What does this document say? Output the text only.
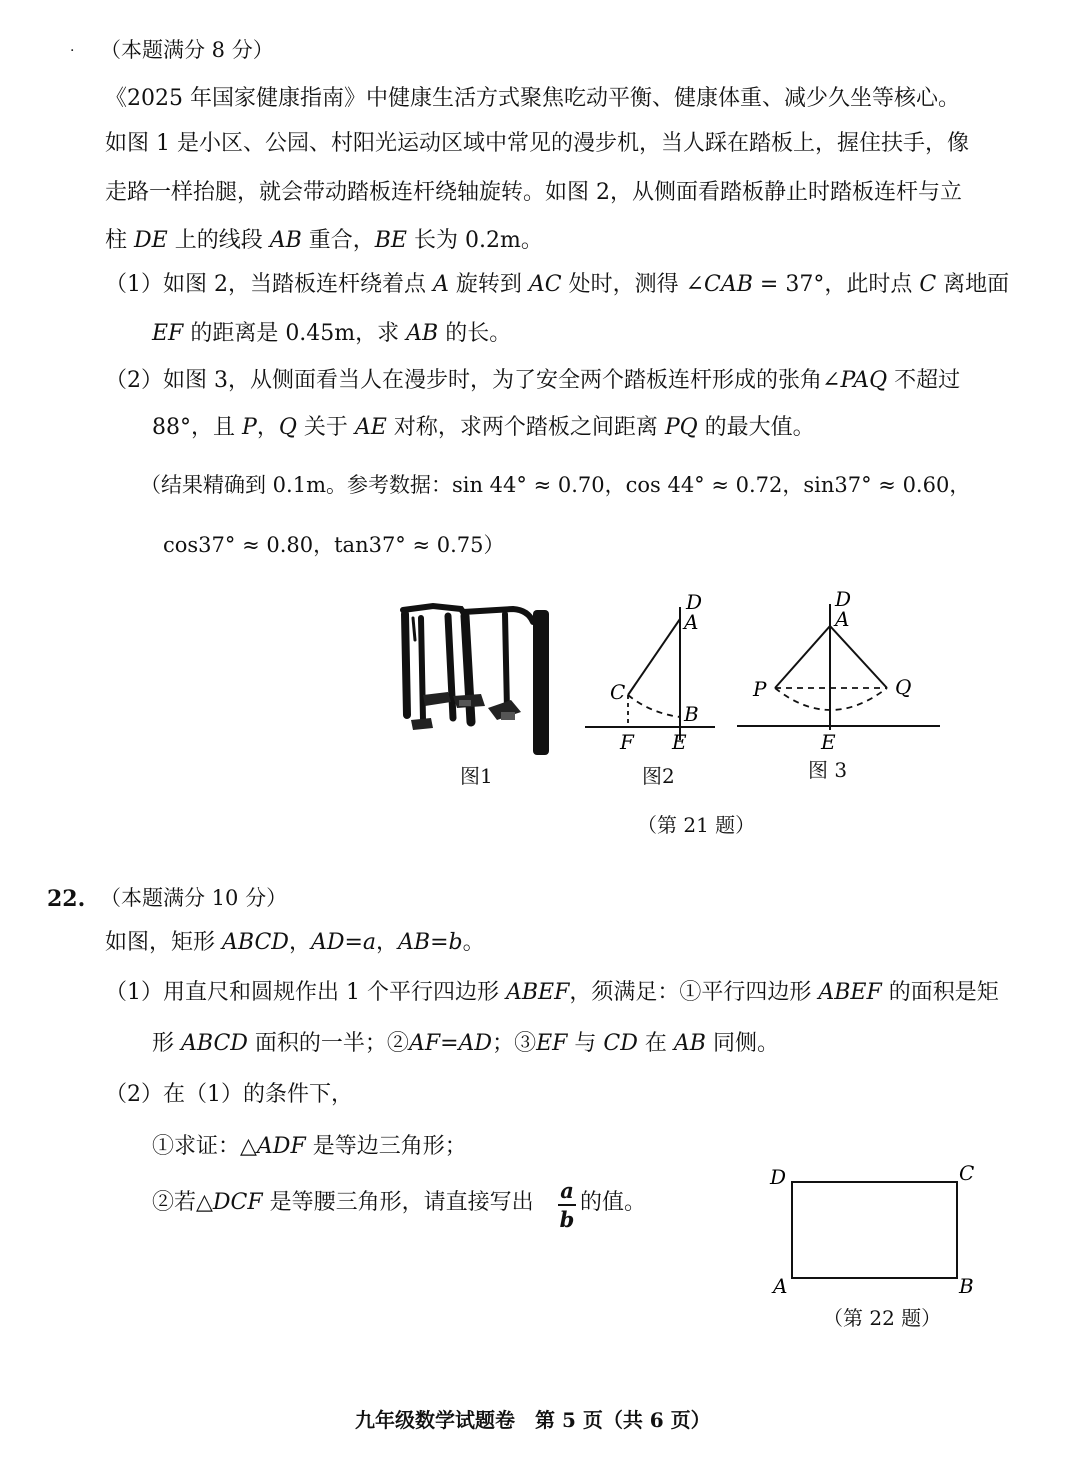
· （本题满分 8 分）
《2025 年国家健康指南》中健康生活方式聚焦吃动平衡、健康体重、减少久坐等核心。
如图 1 是小区、公园、村阳光运动区域中常见的漫步机，当人踩在踏板上，握住扶手，像
走路一样抬腿，就会带动踏板连杆绕轴旋转。如图 2，从侧面看踏板静止时踏板连杆与立
柱 DE 上的线段 AB 重合，BE 长为 0.2m。
（1）如图 2，当踏板连杆绕着点 A 旋转到 AC 处时，测得 ∠CAB = 37°，此时点 C 离地面
EF 的距离是 0.45m，求 AB 的长。
（2）如图 3，从侧面看当人在漫步时，为了安全两个踏板连杆形成的张角∠PAQ 不超过
88°，且 P，Q 关于 AE 对称，求两个踏板之间距离 PQ 的最大值。
（结果精确到 0.1m。参考数据：sin 44° ≈ 0.70，cos 44° ≈ 0.72，sin37° ≈ 0.60，
cos37° ≈ 0.80，tan37° ≈ 0.75）
图1
D
A
C
B
F E
图2
D
A
P	Q
E
图 3
（第 21 题）
22. （本题满分 10 分）
如图，矩形 ABCD，AD=a，AB=b。
（1）用直尺和圆规作出 1 个平行四边形 ABEF，须满足：①平行四边形 ABEF 的面积是矩
形 ABCD 面积的一半；②AF=AD；③EF 与 CD 在 AB 同侧。
（2）在（1）的条件下，
①求证：△ADF 是等边三角形；
②若△DCF 是等腰三角形，请直接写出 a
b
的值。
D	C
A	B
（第 22 题）
九年级数学试题卷　第 5 页（共 6 页）
